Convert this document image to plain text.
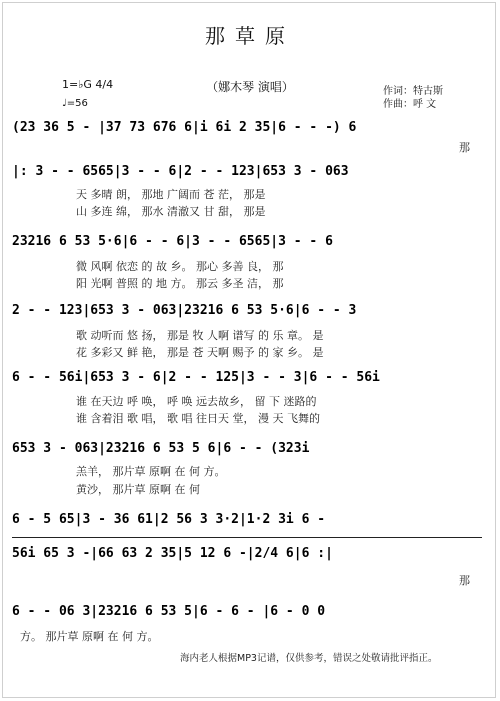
那草原
（娜木琴 演唱）	作词：特古斯
作曲：呼 文
1=♭G 4/4
♩=56
(23 36 5 - |37 73 676 6|i 6i 2 35|6 - - -) 6
那
|: 3 - - 6565|3 - - 6|2 - - 123|653 3 - 063
天 多晴 朗， 那地 广阔而 苍 茫， 那是
山 多连 绵， 那水 清澈又 甘 甜， 那是
23216 6 53 5·6|6 - - 6|3 - - 6565|3 - - 6
微 风啊 依恋 的 故 乡。 那心 多善 良， 那
阳 光啊 普照 的 地 方。 那云 多圣 洁， 那
2 - - 123|653 3 - 063|23216 6 53 5·6|6 - - 3
歌 动听而 悠 扬， 那是 牧 人啊 谱写 的 乐 章。 是
花 多彩又 鲜 艳， 那是 苍 天啊 赐予 的 家 乡。 是
6 - - 56i|653 3 - 6|2 - - 125|3 - - 3|6 - - 56i
谁 在天边 呼 唤， 呼 唤 远去故乡， 留 下 迷路的
谁 含着泪 歌 唱， 歌 唱 往日天 堂， 漫 天 飞舞的
653 3 - 063|23216 6 53 5 6|6 - - (323i
羔羊， 那片草 原啊 在 何 方。
黄沙， 那片草 原啊 在 何
6 - 5 65|3 - 36 61|2 56 3 3·2|1·2 3i 6 -
56i 65 3 -|66 63 2 35|5 12 6 -|2/4 6|6 :|
那
6 - - 06 3|23216 6 53 5|6 - 6 - |6 - 0 0
方。 那片草 原啊 在 何 方。
海内老人根据MP3记谱，仅供参考，错误之处敬请批评指正。
